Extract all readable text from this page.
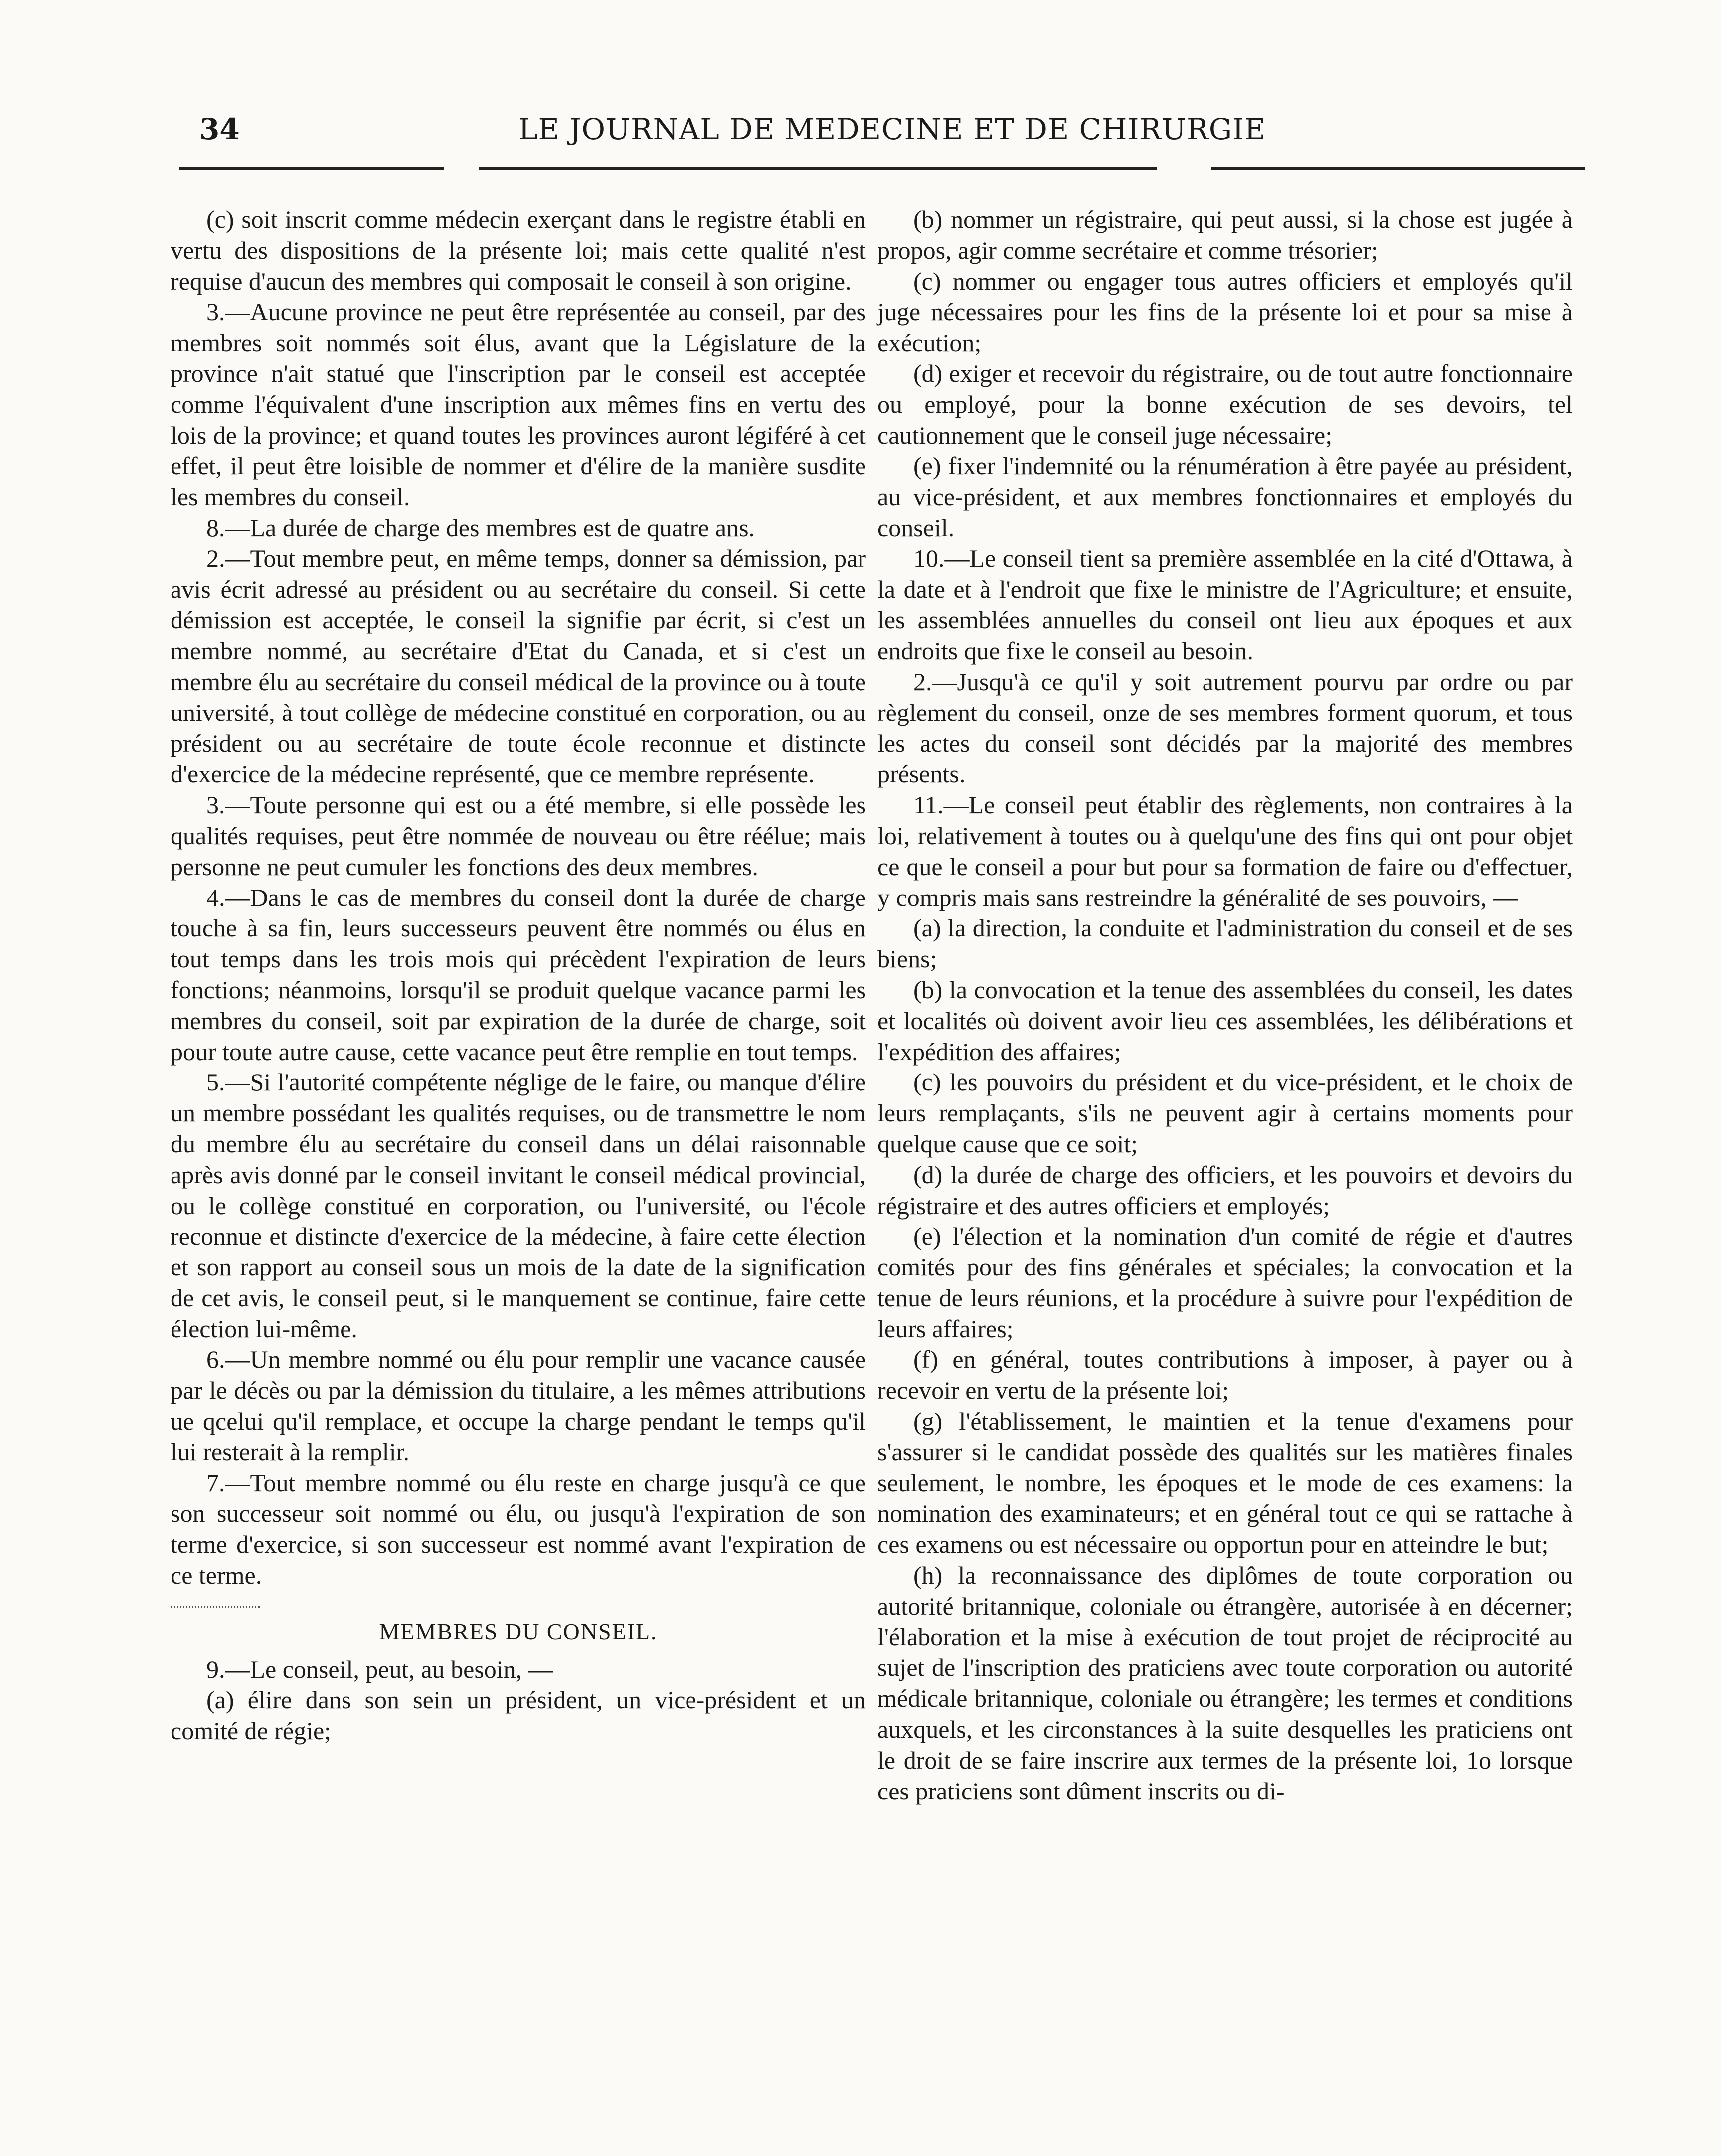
34	LE JOURNAL DE MEDECINE ET DE CHIRURGIE

(c) soit inscrit comme médecin exerçant dans le registre établi en vertu des dispositions de la présente loi; mais cette qualité n'est requise d'aucun des membres qui composait le conseil à son origine.

3.—Aucune province ne peut être représentée au conseil, par des membres soit nommés soit élus, avant que la Législature de la province n'ait statué que l'inscription par le conseil est acceptée comme l'équivalent d'une inscription aux mêmes fins en vertu des lois de la province; et quand toutes les provinces auront légiféré à cet effet, il peut être loisible de nommer et d'élire de la manière susdite les membres du conseil.

8.—La durée de charge des membres est de quatre ans.

2.—Tout membre peut, en même temps, donner sa démission, par avis écrit adressé au président ou au secrétaire du conseil. Si cette démission est acceptée, le conseil la signifie par écrit, si c'est un membre nommé, au secrétaire d'Etat du Canada, et si c'est un membre élu au secrétaire du conseil médical de la province ou à toute université, à tout collège de médecine constitué en corporation, ou au président ou au secrétaire de toute école reconnue et distincte d'exercice de la médecine représenté, que ce membre représente.

3.—Toute personne qui est ou a été membre, si elle possède les qualités requises, peut être nommée de nouveau ou être réélue; mais personne ne peut cumuler les fonctions des deux membres.

4.—Dans le cas de membres du conseil dont la durée de charge touche à sa fin, leurs successeurs peuvent être nommés ou élus en tout temps dans les trois mois qui précèdent l'expiration de leurs fonctions; néanmoins, lorsqu'il se produit quelque vacance parmi les membres du conseil, soit par expiration de la durée de charge, soit pour toute autre cause, cette vacance peut être remplie en tout temps.

5.—Si l'autorité compétente néglige de le faire, ou manque d'élire un membre possédant les qualités requises, ou de transmettre le nom du membre élu au secrétaire du conseil dans un délai raisonnable après avis donné par le conseil invitant le conseil médical provincial, ou le collège constitué en corporation, ou l'université, ou l'école reconnue et distincte d'exercice de la médecine, à faire cette élection et son rapport au conseil sous un mois de la date de la signification de cet avis, le conseil peut, si le manquement se continue, faire cette élection lui-même.

6.—Un membre nommé ou élu pour remplir une vacance causée par le décès ou par la démission du titulaire, a les mêmes attributions ue qcelui qu'il remplace, et occupe la charge pendant le temps qu'il lui resterait à la remplir.

7.—Tout membre nommé ou élu reste en charge jusqu'à ce que son successeur soit nommé ou élu, ou jusqu'à l'expiration de son terme d'exercice, si son successeur est nommé avant l'expiration de ce terme.

MEMBRES DU CONSEIL.

9.—Le conseil, peut, au besoin, —

(a) élire dans son sein un président, un vice-président et un comité de régie;

(b) nommer un régistraire, qui peut aussi, si la chose est jugée à propos, agir comme secrétaire et comme trésorier;

(c) nommer ou engager tous autres officiers et employés qu'il juge nécessaires pour les fins de la présente loi et pour sa mise à exécution;

(d) exiger et recevoir du régistraire, ou de tout autre fonctionnaire ou employé, pour la bonne exécution de ses devoirs, tel cautionnement que le conseil juge nécessaire;

(e) fixer l'indemnité ou la rénumération à être payée au président, au vice-président, et aux membres fonctionnaires et employés du conseil.

10.—Le conseil tient sa première assemblée en la cité d'Ottawa, à la date et à l'endroit que fixe le ministre de l'Agriculture; et ensuite, les assemblées annuelles du conseil ont lieu aux époques et aux endroits que fixe le conseil au besoin.

2.—Jusqu'à ce qu'il y soit autrement pourvu par ordre ou par règlement du conseil, onze de ses membres forment quorum, et tous les actes du conseil sont décidés par la majorité des membres présents.

11.—Le conseil peut établir des règlements, non contraires à la loi, relativement à toutes ou à quelqu'une des fins qui ont pour objet ce que le conseil a pour but pour sa formation de faire ou d'effectuer, y compris mais sans restreindre la généralité de ses pouvoirs, —

(a) la direction, la conduite et l'administration du conseil et de ses biens;

(b) la convocation et la tenue des assemblées du conseil, les dates et localités où doivent avoir lieu ces assemblées, les délibérations et l'expédition des affaires;

(c) les pouvoirs du président et du vice-président, et le choix de leurs remplaçants, s'ils ne peuvent agir à certains moments pour quelque cause que ce soit;

(d) la durée de charge des officiers, et les pouvoirs et devoirs du régistraire et des autres officiers et employés;

(e) l'élection et la nomination d'un comité de régie et d'autres comités pour des fins générales et spéciales; la convocation et la tenue de leurs réunions, et la procédure à suivre pour l'expédition de leurs affaires;

(f) en général, toutes contributions à imposer, à payer ou à recevoir en vertu de la présente loi;

(g) l'établissement, le maintien et la tenue d'examens pour s'assurer si le candidat possède des qualités sur les matières finales seulement, le nombre, les époques et le mode de ces examens: la nomination des examinateurs; et en général tout ce qui se rattache à ces examens ou est nécessaire ou opportun pour en atteindre le but;

(h) la reconnaissance des diplômes de toute corporation ou autorité britannique, coloniale ou étrangère, autorisée à en décerner; l'élaboration et la mise à exécution de tout projet de réciprocité au sujet de l'inscription des praticiens avec toute corporation ou autorité médicale britannique, coloniale ou étrangère; les termes et conditions auxquels, et les circonstances à la suite desquelles les praticiens ont le droit de se faire inscrire aux termes de la présente loi, 1o lorsque ces praticiens sont dûment inscrits ou di-
